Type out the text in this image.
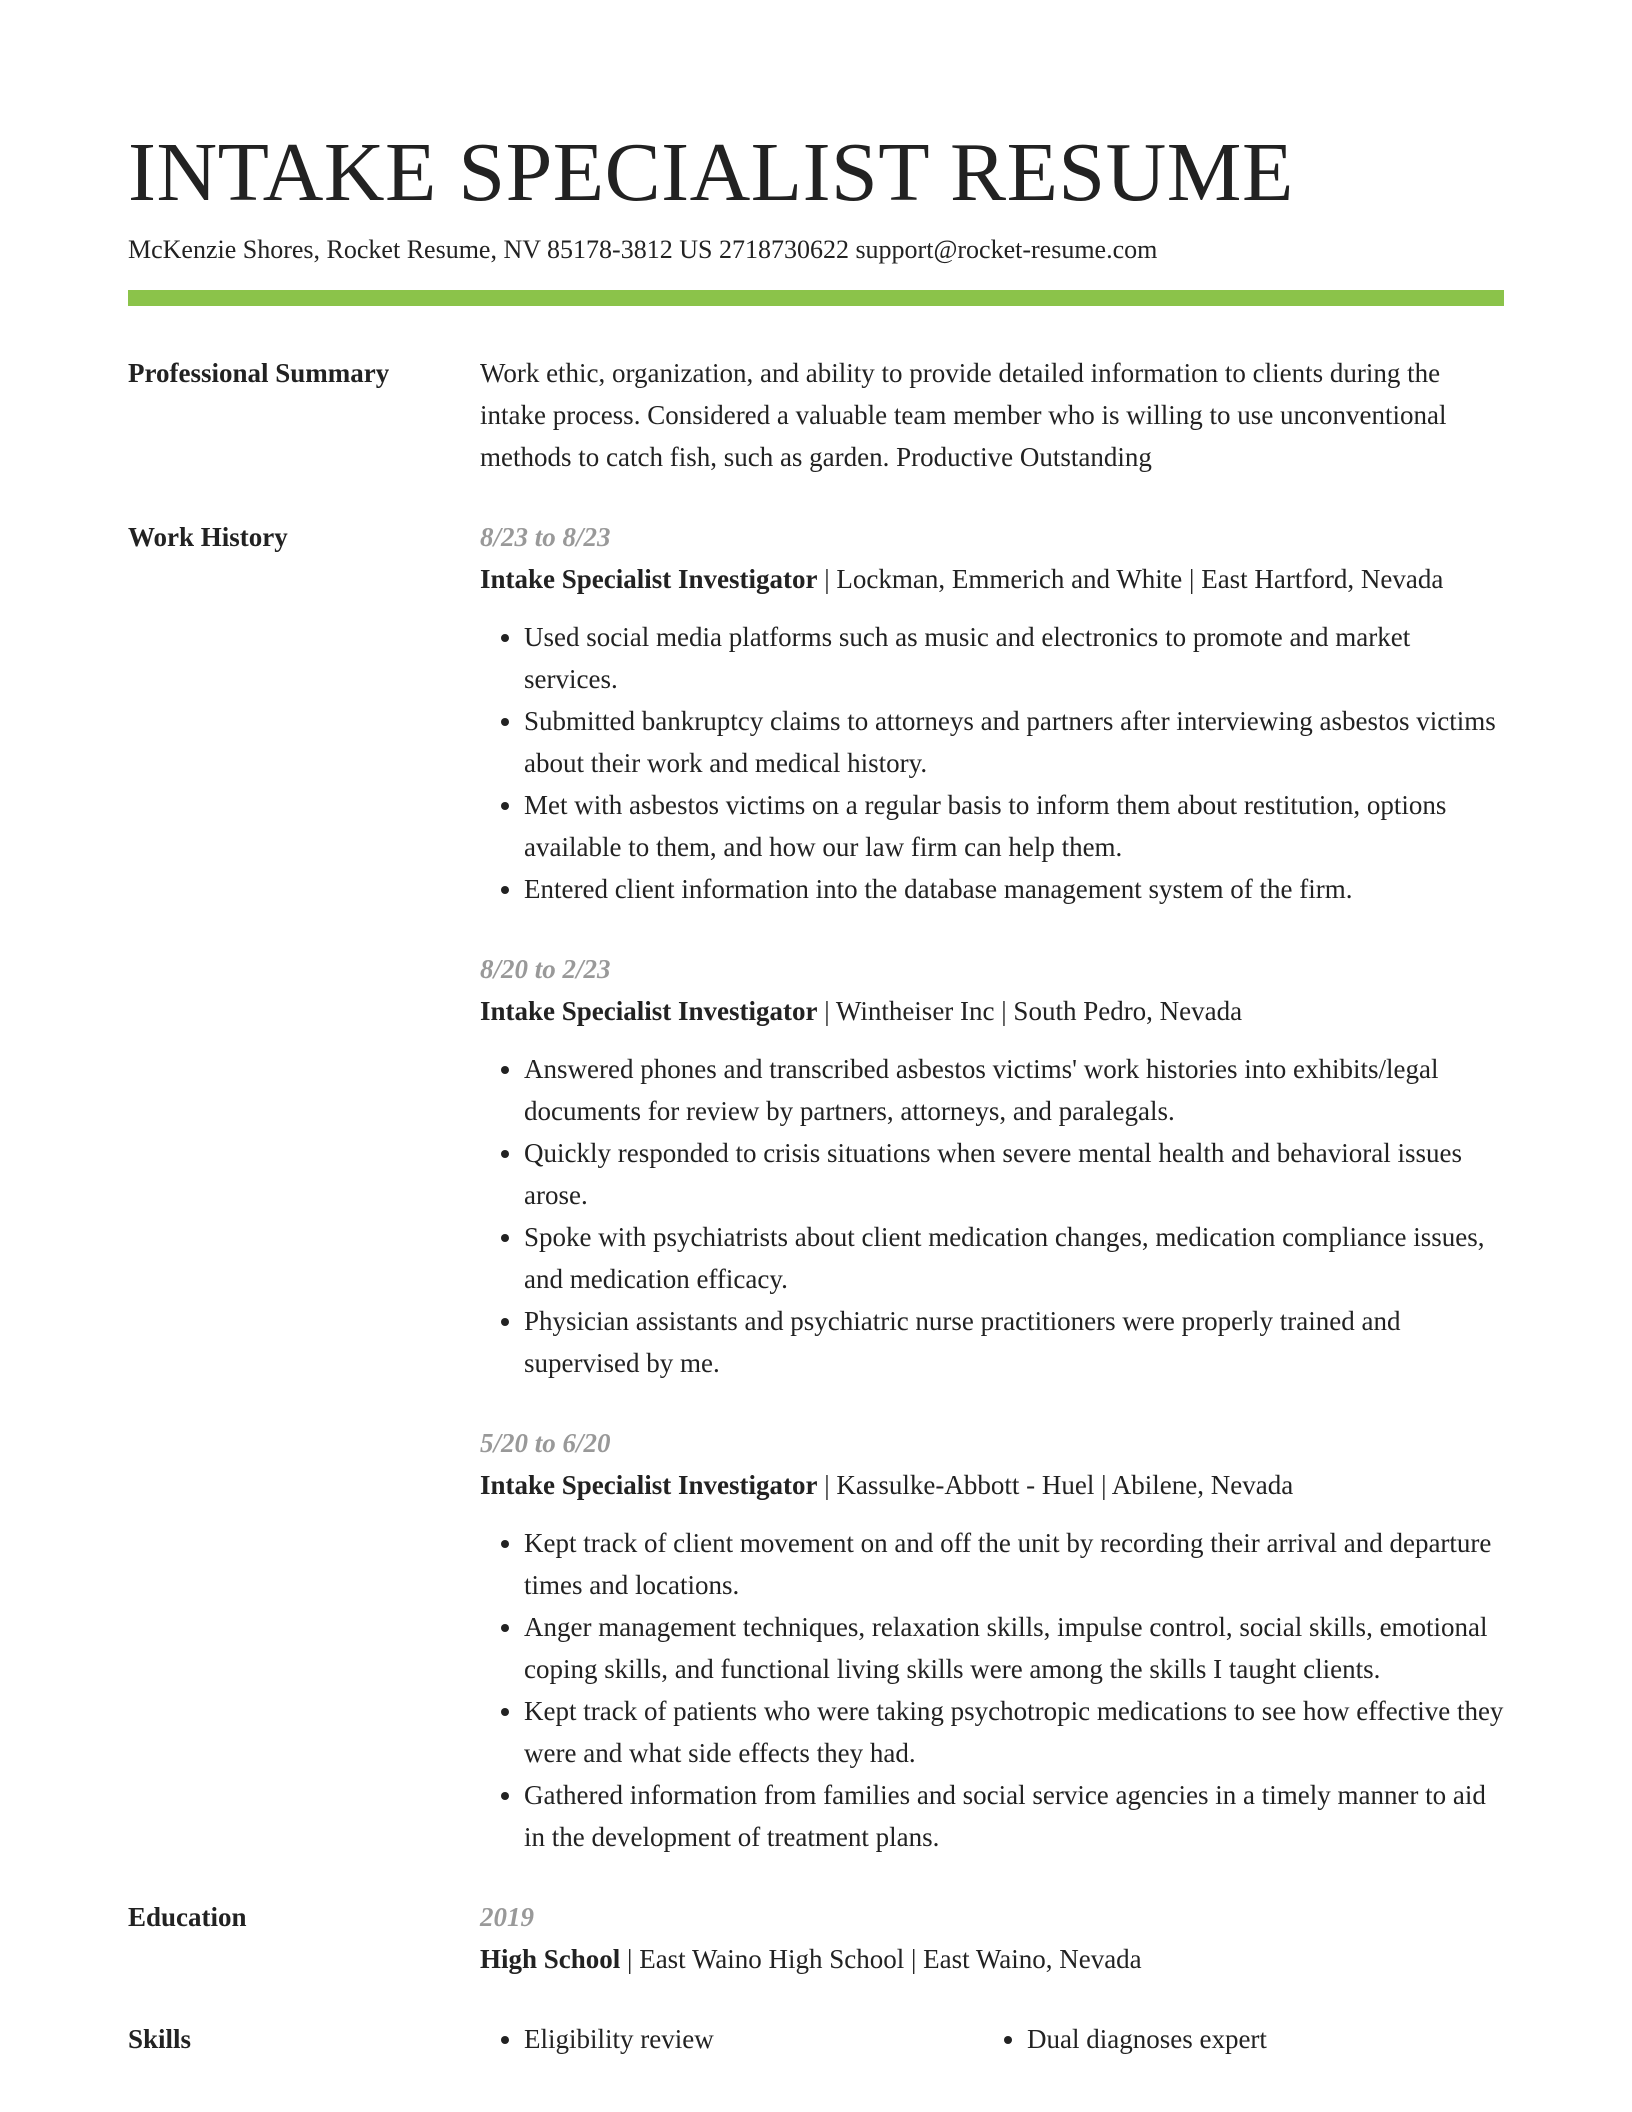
INTAKE SPECIALIST RESUME
McKenzie Shores, Rocket Resume, NV 85178-3812 US 2718730622 support@rocket-resume.com
Professional Summary	Work ethic, organization, and ability to provide detailed information to clients during the intake process. Considered a valuable team member who is willing to use unconventional methods to catch fish, such as garden. Productive Outstanding

Work History	8/23 to 8/23

Intake Specialist Investigator | Lockman, Emmerich and White | East Hartford, Nevada

• Used social media platforms such as music and electronics to promote and market services.
• Submitted bankruptcy claims to attorneys and partners after interviewing asbestos victims about their work and medical history.
• Met with asbestos victims on a regular basis to inform them about restitution, options available to them, and how our law firm can help them.
• Entered client information into the database management system of the firm.
8/20 to 2/23

Intake Specialist Investigator | Wintheiser Inc | South Pedro, Nevada

• Answered phones and transcribed asbestos victims' work histories into exhibits/legal documents for review by partners, attorneys, and paralegals.
• Quickly responded to crisis situations when severe mental health and behavioral issues arose.
• Spoke with psychiatrists about client medication changes, medication compliance issues, and medication efficacy.
• Physician assistants and psychiatric nurse practitioners were properly trained and supervised by me.
5/20 to 6/20

Intake Specialist Investigator | Kassulke-Abbott - Huel | Abilene, Nevada

• Kept track of client movement on and off the unit by recording their arrival and departure times and locations.
• Anger management techniques, relaxation skills, impulse control, social skills, emotional coping skills, and functional living skills were among the skills I taught clients.
• Kept track of patients who were taking psychotropic medications to see how effective they were and what side effects they had.
• Gathered information from families and social service agencies in a timely manner to aid in the development of treatment plans.
Education	2019

High School | East Waino High School | East Waino, Nevada

Skills	• Eligibility review	• Dual diagnoses expert
